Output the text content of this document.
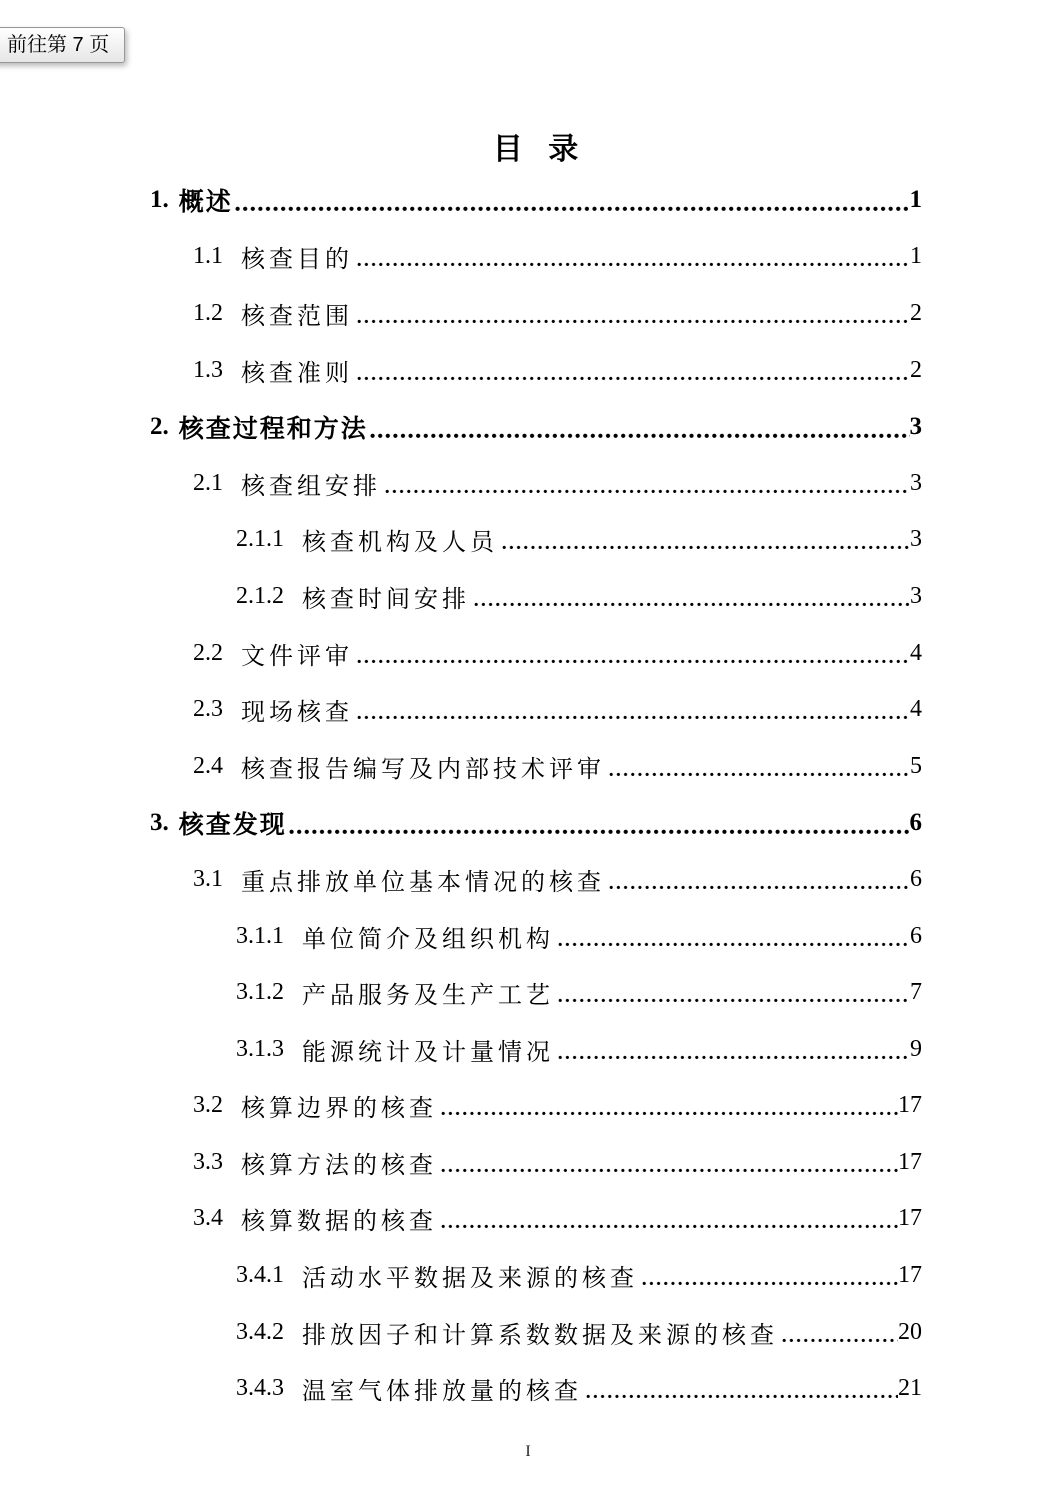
前往第 7 页
目 录
1. 概述	1
1.1 核查目的	1
1.2 核查范围	2
1.3 核查准则	2
2. 核查过程和方法	3
2.1 核查组安排	3
2.1.1 核查机构及人员	3
2.1.2 核查时间安排	3
2.2 文件评审	4
2.3 现场核查	4
2.4 核查报告编写及内部技术评审	5
3. 核查发现	6
3.1 重点排放单位基本情况的核查	6
3.1.1 单位简介及组织机构	6
3.1.2 产品服务及生产工艺	7
3.1.3 能源统计及计量情况	9
3.2 核算边界的核查	17
3.3 核算方法的核查	17
3.4 核算数据的核查	17
3.4.1 活动水平数据及来源的核查	17
3.4.2 排放因子和计算系数数据及来源的核查	20
3.4.3 温室气体排放量的核查	21
I
